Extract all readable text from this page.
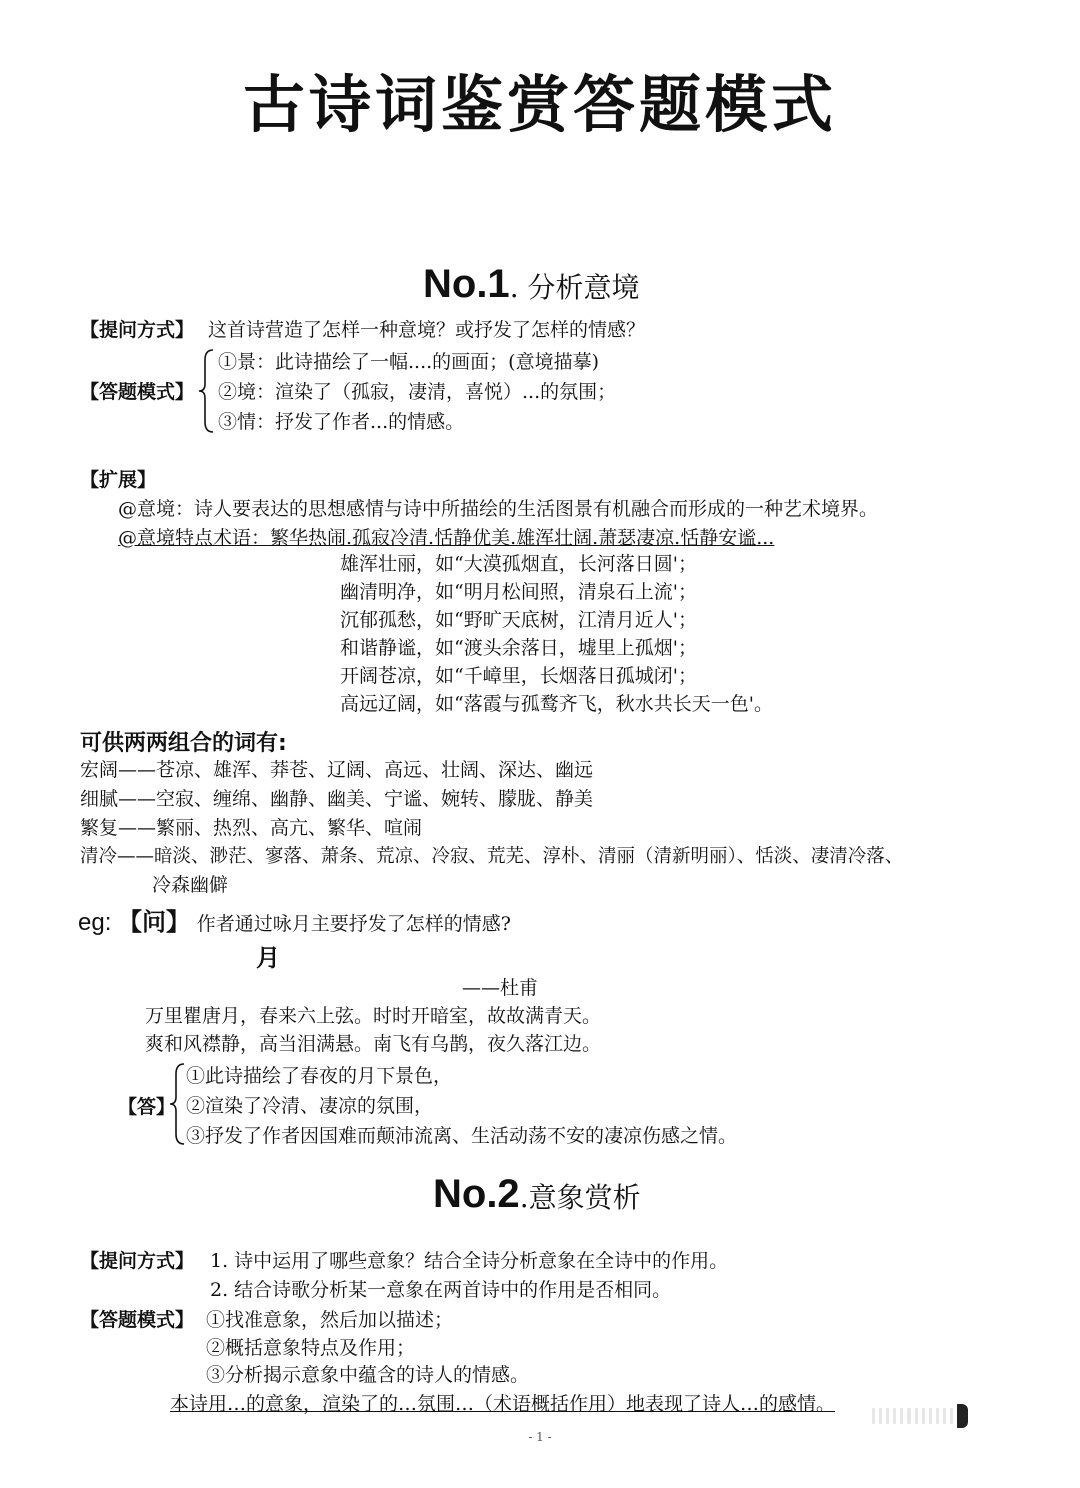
古诗词鉴赏答题模式
No.1. 分析意境
【提问方式】 这首诗营造了怎样一种意境？或抒发了怎样的情感？
【答题模式】
①景：此诗描绘了一幅....的画面；(意境描摹)
②境：渲染了（孤寂，凄清，喜悦）...的氛围；
③情：抒发了作者...的情感。
【扩展】
@意境：诗人要表达的思想感情与诗中所描绘的生活图景有机融合而形成的一种艺术境界。
@意境特点术语：繁华热闹.孤寂冷清.恬静优美.雄浑壮阔.萧瑟凄凉.恬静安谧...
雄浑壮丽，如“大漠孤烟直，长河落日圆'；
幽清明净，如“明月松间照，清泉石上流'；
沉郁孤愁，如“野旷天底树，江清月近人'；
和谐静谧，如“渡头余落日，墟里上孤烟'；
开阔苍凉，如“千嶂里，长烟落日孤城闭'；
高远辽阔，如“落霞与孤鹜齐飞，秋水共长天一色'。
可供两两组合的词有:
宏阔——苍凉、雄浑、莽苍、辽阔、高远、壮阔、深达、幽远
细腻——空寂、缠绵、幽静、幽美、宁谧、婉转、朦胧、静美
繁复——繁丽、热烈、高亢、繁华、喧闹
清冷——暗淡、渺茫、寥落、萧条、荒凉、冷寂、荒芜、淳朴、清丽（清新明丽）、恬淡、凄清冷落、
冷森幽僻
eg: 【问】 作者通过咏月主要抒发了怎样的情感?
月
——杜甫
万里瞿唐月，春来六上弦。时时开暗室，故故满青天。
爽和风襟静，高当泪满悬。南飞有乌鹊，夜久落江边。
【答】
①此诗描绘了春夜的月下景色，
②渲染了冷清、凄凉的氛围，
③抒发了作者因国难而颠沛流离、生活动荡不安的凄凉伤感之情。
No.2.意象赏析
【提问方式】 1. 诗中运用了哪些意象？结合全诗分析意象在全诗中的作用。
2. 结合诗歌分析某一意象在两首诗中的作用是否相同。
【答题模式】 ①找准意象，然后加以描述；
②概括意象特点及作用；
③分析揭示意象中蕴含的诗人的情感。
本诗用…的意象，渲染了的…氛围…（术语概括作用）地表现了诗人…的感情。
- 1 -
